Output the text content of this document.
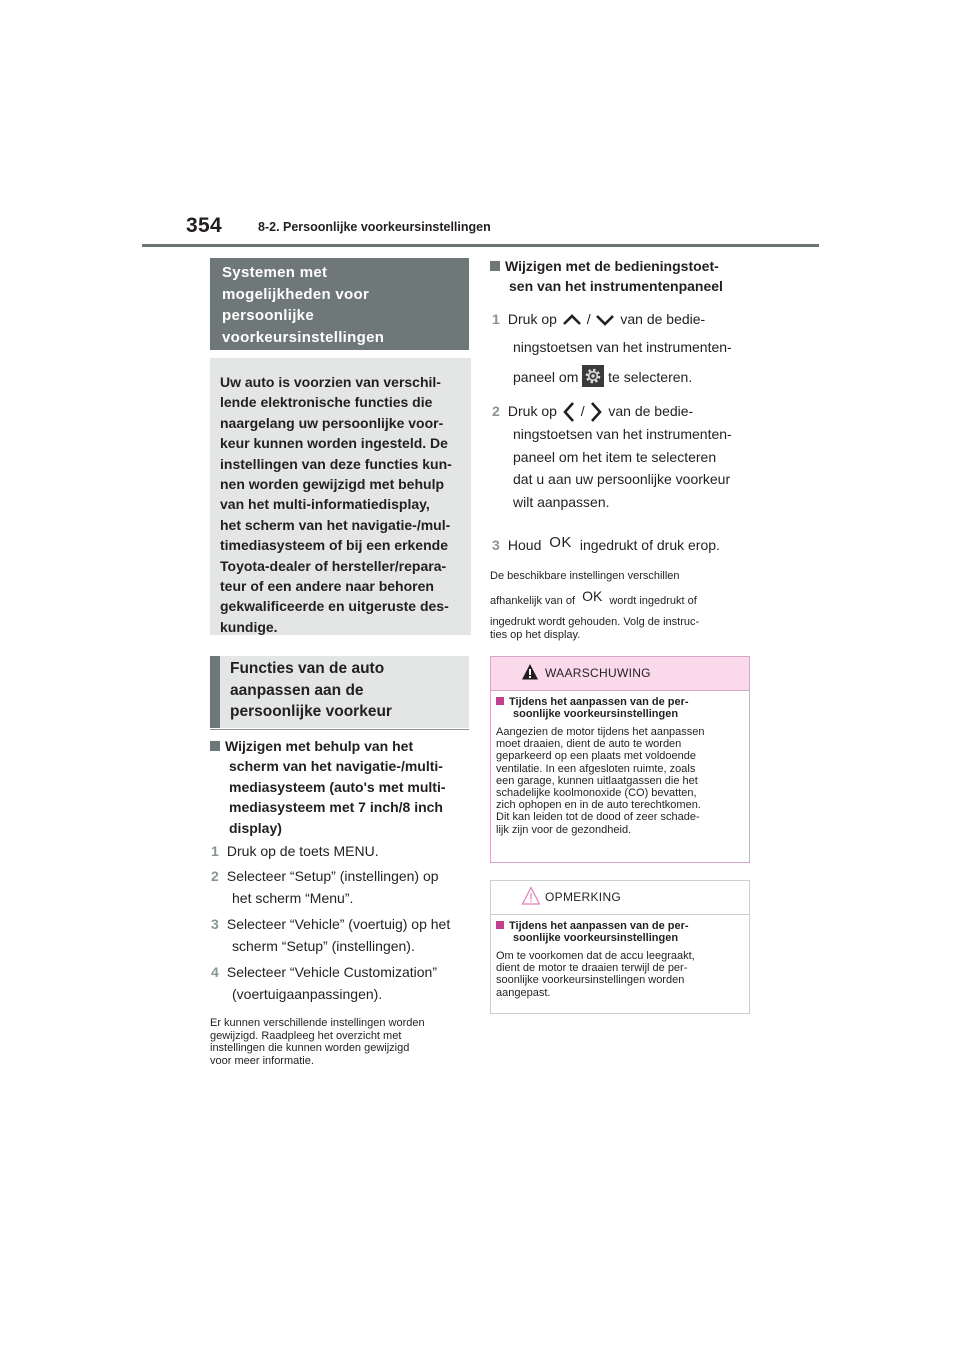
354	8-2. Persoonlijke voorkeursinstellingen
Systemen met
mogelijkheden voor
persoonlijke
voorkeursinstellingen
Uw auto is voorzien van verschil-
lende elektronische functies die
naargelang uw persoonlijke voor-
keur kunnen worden ingesteld. De
instellingen van deze functies kun-
nen worden gewijzigd met behulp
van het multi-informatiedisplay,
het scherm van het navigatie-/mul-
timediasysteem of bij een erkende
Toyota-dealer of hersteller/repara-
teur of een andere naar behoren
gekwalificeerde en uitgeruste des-
kundige.
Functies van de auto
aanpassen aan de
persoonlijke voorkeur
Wijzigen met behulp van het
scherm van het navigatie-/multi-
mediasysteem (auto's met multi-
mediasysteem met 7 inch/8 inch
display)
1 Druk op de toets MENU.
2 Selecteer “Setup” (instellingen) op
het scherm “Menu”.
3 Selecteer “Vehicle” (voertuig) op het
scherm “Setup” (instellingen).
4 Selecteer “Vehicle Customization”
(voertuigaanpassingen).
Er kunnen verschillende instellingen worden
gewijzigd. Raadpleeg het overzicht met
instellingen die kunnen worden gewijzigd
voor meer informatie.
Wijzigen met de bedieningstoet-
sen van het instrumentenpaneel
1 Druk op / van de bedie-
ningstoetsen van het instrumenten-
paneel om te selecteren.
2 Druk op / van de bedie-
ningstoetsen van het instrumenten-
paneel om het item te selecteren
dat u aan uw persoonlijke voorkeur
wilt aanpassen.
3 Houd OK ingedrukt of druk erop.
De beschikbare instellingen verschillen
afhankelijk van of OK wordt ingedrukt of
ingedrukt wordt gehouden. Volg de instruc-
ties op het display.
WAARSCHUWING
Tijdens het aanpassen van de per-
soonlijke voorkeursinstellingen
Aangezien de motor tijdens het aanpassen
moet draaien, dient de auto te worden
geparkeerd op een plaats met voldoende
ventilatie. In een afgesloten ruimte, zoals
een garage, kunnen uitlaatgassen die het
schadelijke koolmonoxide (CO) bevatten,
zich ophopen en in de auto terechtkomen.
Dit kan leiden tot de dood of zeer schade-
lijk zijn voor de gezondheid.
OPMERKING
Tijdens het aanpassen van de per-
soonlijke voorkeursinstellingen
Om te voorkomen dat de accu leegraakt,
dient de motor te draaien terwijl de per-
soonlijke voorkeursinstellingen worden
aangepast.
